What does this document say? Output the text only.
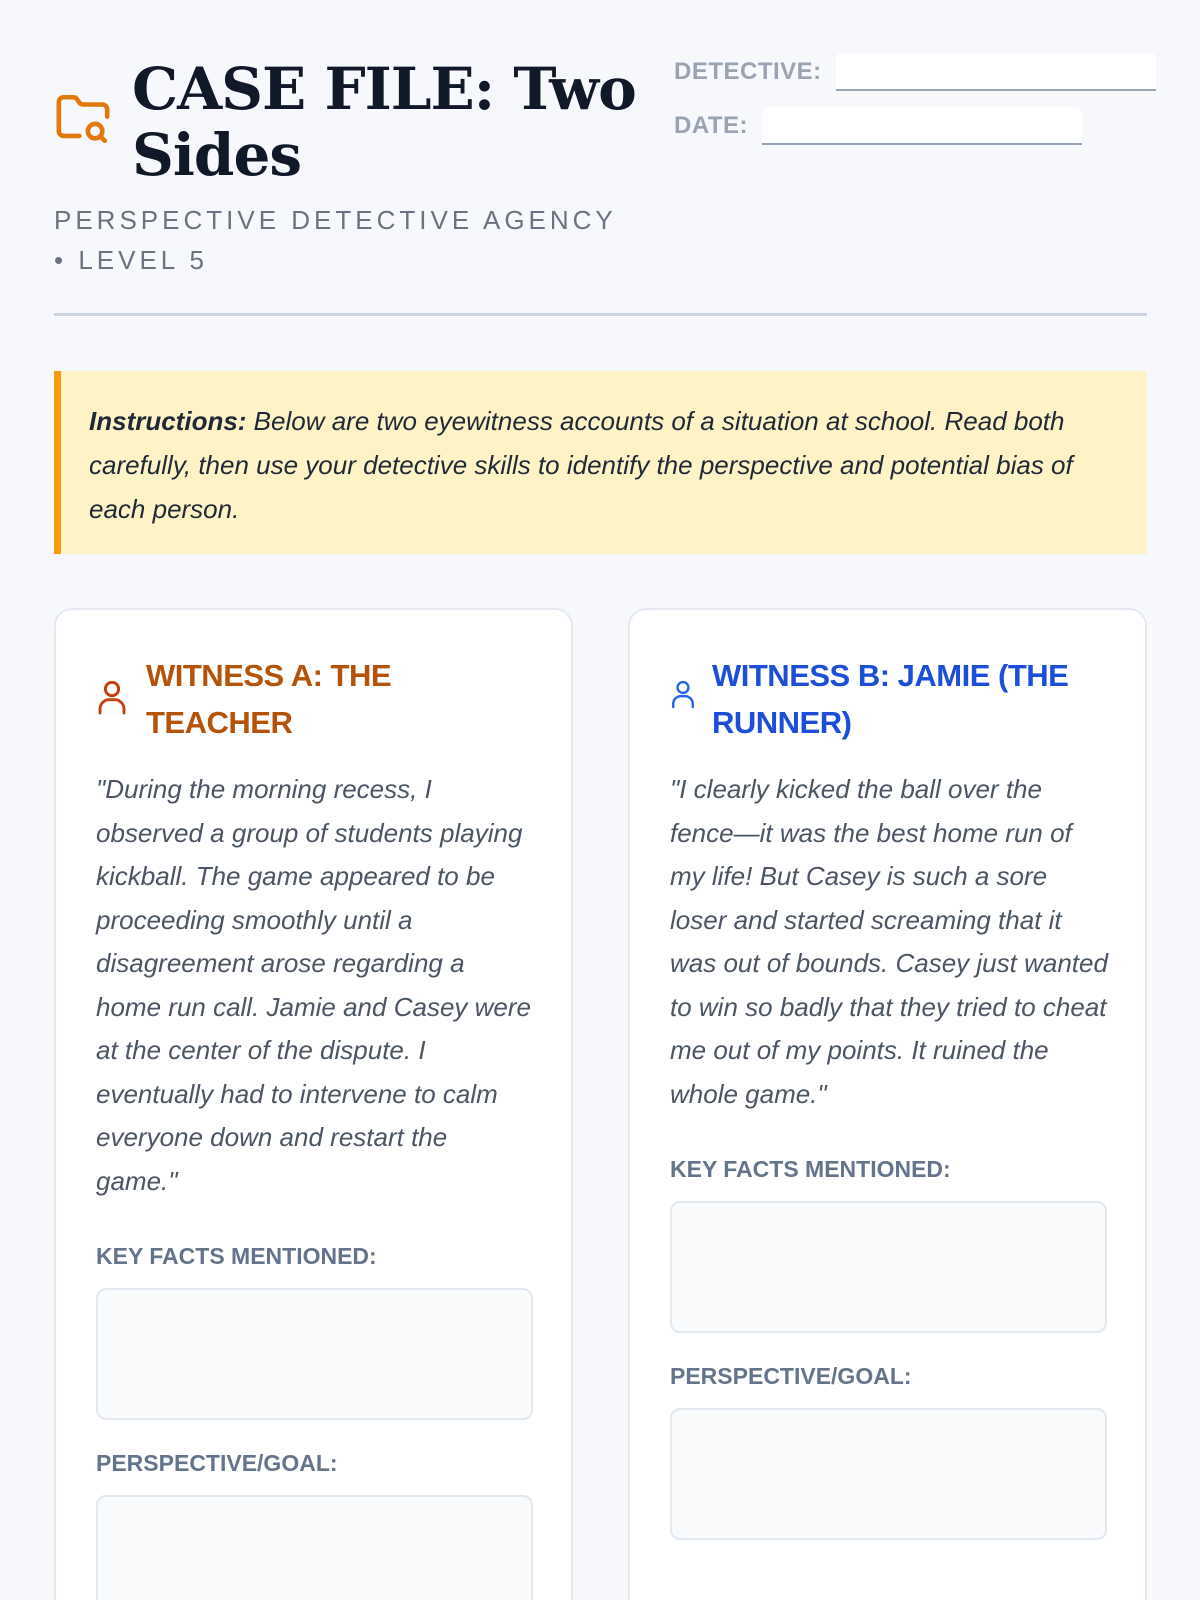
CASE FILE: Two Sides
PERSPECTIVE DETECTIVE AGENCY • LEVEL 5
DETECTIVE:
DATE:
Instructions: Below are two eyewitness accounts of a situation at school. Read both carefully, then use your detective skills to identify the perspective and potential bias of each person.
WITNESS A: THE TEACHER
"During the morning recess, I observed a group of students playing kickball. The game appeared to be proceeding smoothly until a disagreement arose regarding a home run call. Jamie and Casey were at the center of the dispute. I eventually had to intervene to calm everyone down and restart the game."
KEY FACTS MENTIONED:
PERSPECTIVE/GOAL:
WITNESS B: JAMIE (THE RUNNER)
"I clearly kicked the ball over the fence—it was the best home run of my life! But Casey is such a sore loser and started screaming that it was out of bounds. Casey just wanted to win so badly that they tried to cheat me out of my points. It ruined the whole game."
KEY FACTS MENTIONED:
PERSPECTIVE/GOAL:
